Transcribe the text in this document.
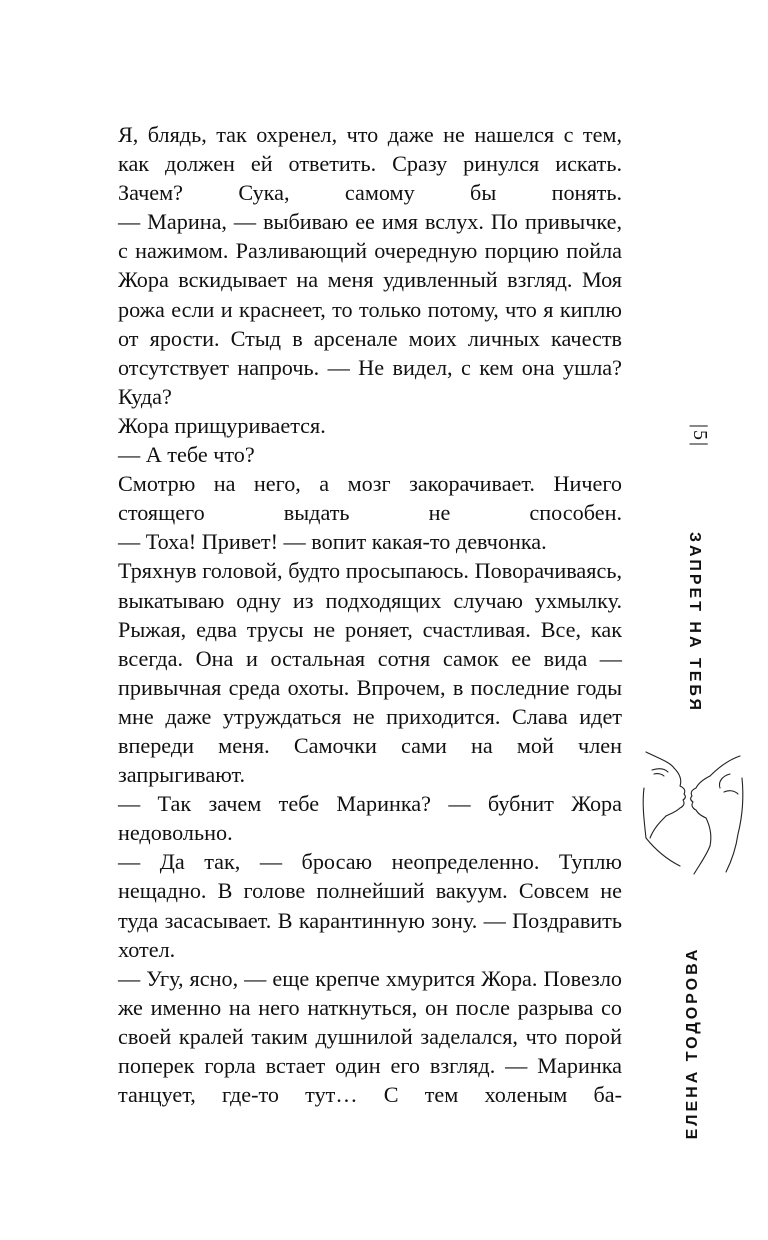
Я, блядь, так охренел, что даже не нашелся с тем, как должен ей ответить. Сразу ринулся искать. Зачем? Сука, самому бы понять.

— Марина, — выбиваю ее имя вслух. По привычке, с нажимом. Разливающий очередную порцию пойла Жора вскидывает на меня удивленный взгляд. Моя рожа если и краснеет, то только потому, что я киплю от ярости. Стыд в арсенале моих личных качеств отсутствует напрочь. — Не видел, с кем она ушла? Куда?

Жора прищуривается.

— А тебе что?

Смотрю на него, а мозг закорачивает. Ничего стоящего выдать не способен.

— Тоха! Привет! — вопит какая-то девчонка.

Тряхнув головой, будто просыпаюсь. Поворачиваясь, выкатываю одну из подходящих случаю ухмылку. Рыжая, едва трусы не роняет, счастливая. Все, как всегда. Она и остальная сотня самок ее вида — привычная среда охоты. Впрочем, в последние годы мне даже утруждаться не приходится. Слава идет впереди меня. Самочки сами на мой член запрыгивают.

— Так зачем тебе Маринка? — бубнит Жора недовольно.

— Да так, — бросаю неопределенно. Туплю нещадно. В голове полнейший вакуум. Совсем не туда засасывает. В карантинную зону. — Поздравить хотел.

— Угу, ясно, — еще крепче хмурится Жора. Повезло же именно на него наткнуться, он после разрыва со своей кралей таким душнилой заделался, что порой поперек горла встает один его взгляд. — Маринка танцует, где-то тут… С тем холеным ба-

|5|
ЗАПРЕТ НА ТЕБЯ
ЕЛЕНА ТОДОРОВА
